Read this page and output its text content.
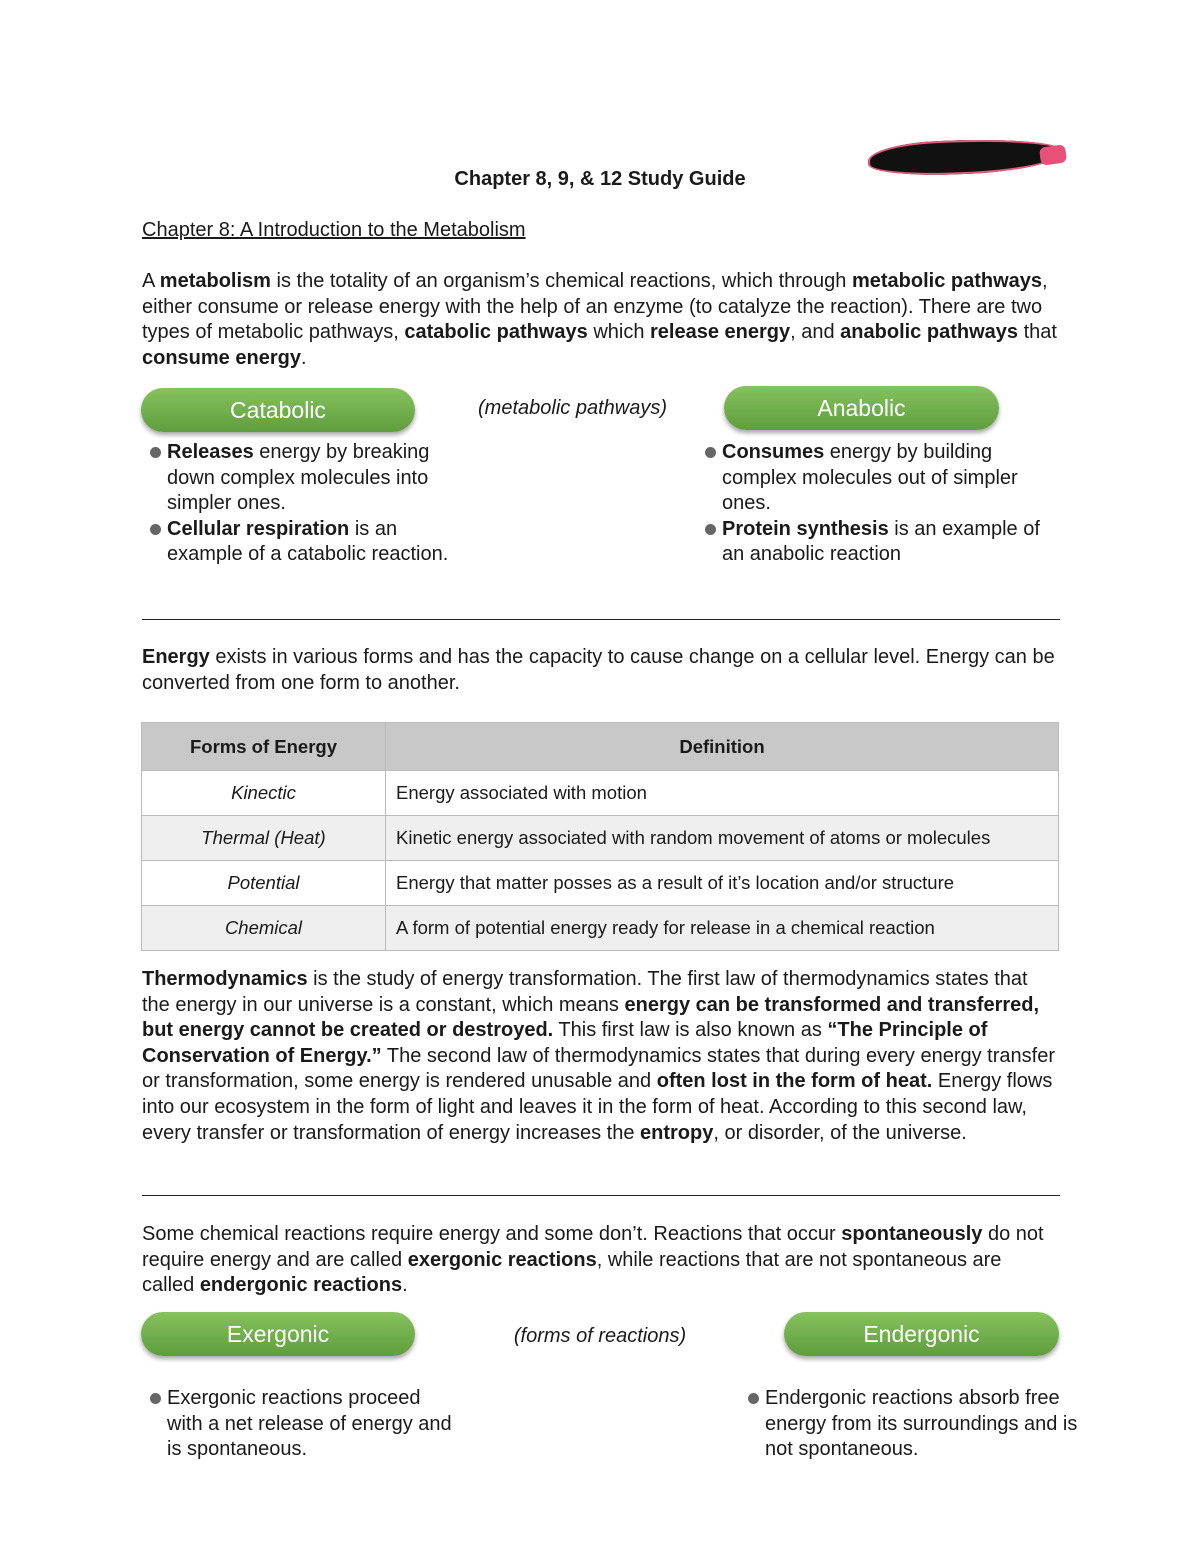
Chapter 8, 9, & 12 Study Guide
Chapter 8: A Introduction to the Metabolism
A metabolism is the totality of an organism’s chemical reactions, which through metabolic pathways, either consume or release energy with the help of an enzyme (to catalyze the reaction). There are two types of metabolic pathways, catabolic pathways which release energy, and anabolic pathways that consume energy.
Catabolic	(metabolic pathways)	Anabolic
Releases energy by breaking down complex molecules into simpler ones.
Cellular respiration is an example of a catabolic reaction.
Consumes energy by building complex molecules out of simpler ones.
Protein synthesis is an example of an anabolic reaction
Energy exists in various forms and has the capacity to cause change on a cellular level. Energy can be converted from one form to another.
Forms of Energy	Definition
Kinectic	Energy associated with motion
Thermal (Heat)	Kinetic energy associated with random movement of atoms or molecules
Potential	Energy that matter posses as a result of it’s location and/or structure
Chemical	A form of potential energy ready for release in a chemical reaction
Thermodynamics is the study of energy transformation. The first law of thermodynamics states that the energy in our universe is a constant, which means energy can be transformed and transferred, but energy cannot be created or destroyed. This first law is also known as “The Principle of Conservation of Energy.” The second law of thermodynamics states that during every energy transfer or transformation, some energy is rendered unusable and often lost in the form of heat. Energy flows into our ecosystem in the form of light and leaves it in the form of heat. According to this second law, every transfer or transformation of energy increases the entropy, or disorder, of the universe.
Some chemical reactions require energy and some don’t. Reactions that occur spontaneously do not require energy and are called exergonic reactions, while reactions that are not spontaneous are called endergonic reactions.
Exergonic	(forms of reactions)	Endergonic
Exergonic reactions proceed with a net release of energy and is spontaneous.
Endergonic reactions absorb free energy from its surroundings and is not spontaneous.
